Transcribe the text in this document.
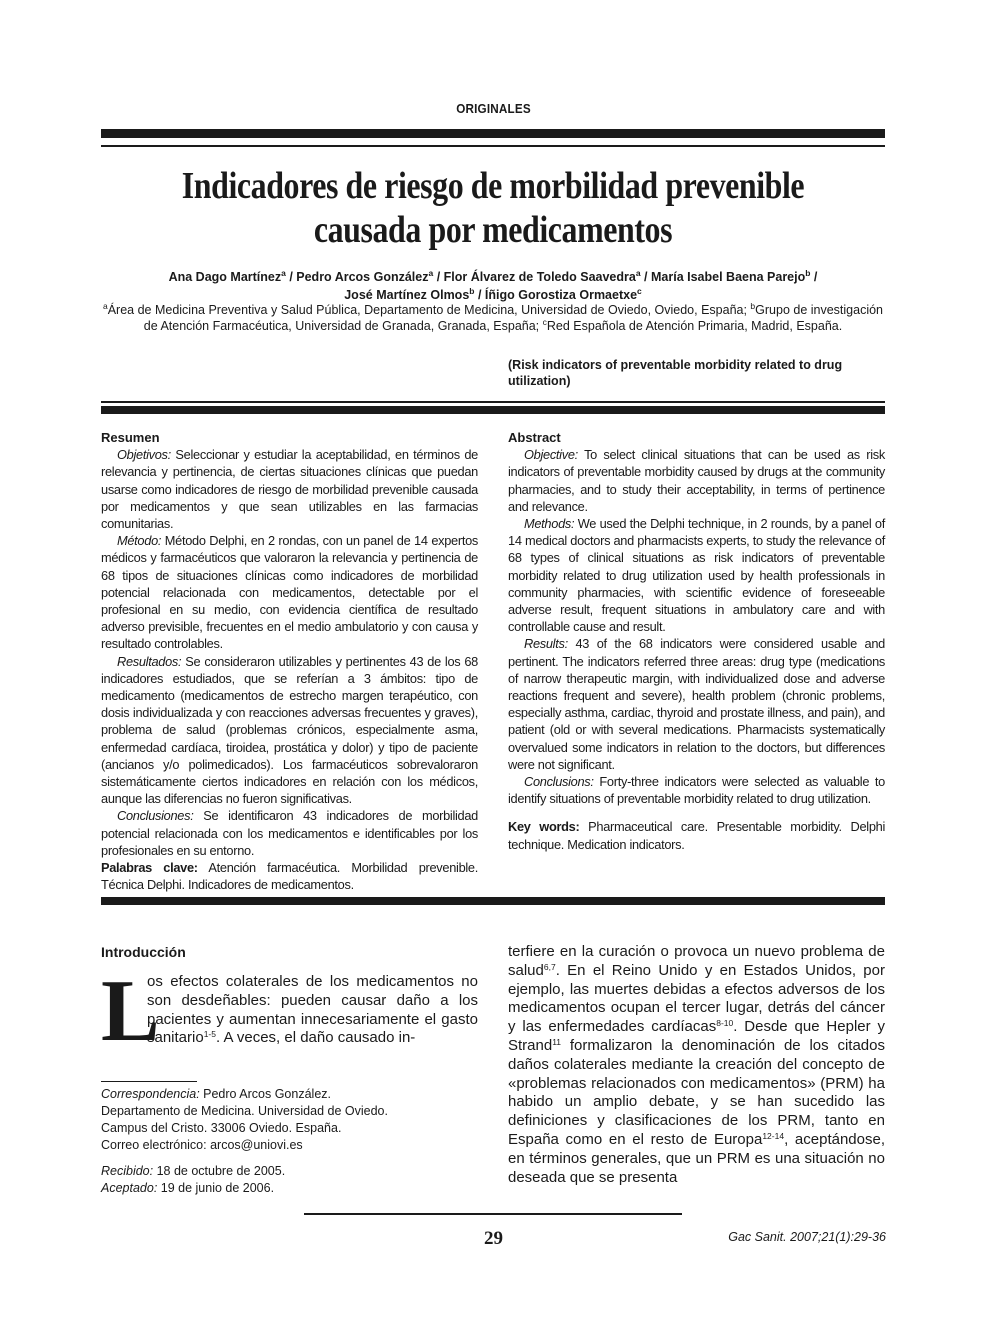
ORIGINALES
Indicadores de riesgo de morbilidad prevenible
causada por medicamentos
Ana Dago Martínez$^a$ / Pedro Arcos González$^a$ / Flor Álvarez de Toledo Saavedra$^a$ / María Isabel Baena Parejo$^b$ /
José Martínez Olmos$^b$ / Íñigo Gorostiza Ormaetxe$^c$
$^a$Área de Medicina Preventiva y Salud Pública, Departamento de Medicina, Universidad de Oviedo, Oviedo, España; $^b$Grupo de investigación de Atención Farmacéutica, Universidad de Granada, Granada, España; $^c$Red Española de Atención Primaria, Madrid, España.
(Risk indicators of preventable morbidity related to drug utilization)
Resumen

Objetivos: Seleccionar y estudiar la aceptabilidad, en términos de relevancia y pertinencia, de ciertas situaciones clínicas que puedan usarse como indicadores de riesgo de morbilidad prevenible causada por medicamentos y que sean utilizables en las farmacias comunitarias.

Método: Método Delphi, en 2 rondas, con un panel de 14 expertos médicos y farmacéuticos que valoraron la relevancia y pertinencia de 68 tipos de situaciones clínicas como indicadores de morbilidad potencial relacionada con medicamentos, detectable por el profesional en su medio, con evidencia científica de resultado adverso previsible, frecuentes en el medio ambulatorio y con causa y resultado controlables.

Resultados: Se consideraron utilizables y pertinentes 43 de los 68 indicadores estudiados, que se referían a 3 ámbitos: tipo de medicamento (medicamentos de estrecho margen terapéutico, con dosis individualizada y con reacciones adversas frecuentes y graves), problema de salud (problemas crónicos, especialmente asma, enfermedad cardíaca, tiroidea, prostática y dolor) y tipo de paciente (ancianos y/o polimedicados). Los farmacéuticos sobrevaloraron sistemáticamente ciertos indicadores en relación con los médicos, aunque las diferencias no fueron significativas.

Conclusiones: Se identificaron 43 indicadores de morbilidad potencial relacionada con los medicamentos e identificables por los profesionales en su entorno.

Palabras clave: Atención farmacéutica. Morbilidad prevenible. Técnica Delphi. Indicadores de medicamentos.

Abstract

Objective: To select clinical situations that can be used as risk indicators of preventable morbidity caused by drugs at the community pharmacies, and to study their acceptability, in terms of pertinence and relevance.

Methods: We used the Delphi technique, in 2 rounds, by a panel of 14 medical doctors and pharmacists experts, to study the relevance of 68 types of clinical situations as risk indicators of preventable morbidity related to drug utilization used by health professionals in community pharmacies, with scientific evidence of foreseeable adverse result, frequent situations in ambulatory care and with controllable cause and result.

Results: 43 of the 68 indicators were considered usable and pertinent. The indicators referred three areas: drug type (medications of narrow therapeutic margin, with individualized dose and adverse reactions frequent and severe), health problem (chronic problems, especially asthma, cardiac, thyroid and prostate illness, and pain), and patient (old or with several medications. Pharmacists systematically overvalued some indicators in relation to the doctors, but differences were not significant.

Conclusions: Forty-three indicators were selected as valuable to identify situations of preventable morbidity related to drug utilization.

Key words: Pharmaceutical care. Presentable morbidity. Delphi technique. Medication indicators.

Introducción

L
os efectos colaterales de los medicamentos no son desdeñables: pueden causar daño a los pacientes y aumentan innecesariamente el gasto sanitario$^{1-5}$. A veces, el daño causado in-

terfiere en la curación o provoca un nuevo problema de salud$^{6,7}$. En el Reino Unido y en Estados Unidos, por ejemplo, las muertes debidas a efectos adversos de los medicamentos ocupan el tercer lugar, detrás del cáncer y las enfermedades cardíacas$^{8-10}$. Desde que Hepler y Strand$^{11}$ formalizaron la denominación de los citados daños colaterales mediante la creación del concepto de «problemas relacionados con medicamentos» (PRM) ha habido un amplio debate, y se han sucedido las definiciones y clasificaciones de los PRM, tanto en España como en el resto de Europa$^{12-14}$, aceptándose, en términos generales, que un PRM es una situación no deseada que se presenta

Correspondencia: Pedro Arcos González.
Departamento de Medicina. Universidad de Oviedo.
Campus del Cristo. 33006 Oviedo. España.
Correo electrónico: arcos@uniovi.es
Recibido: 18 de octubre de 2005.
Aceptado: 19 de junio de 2006.
29	Gac Sanit. 2007;21(1):29-36
